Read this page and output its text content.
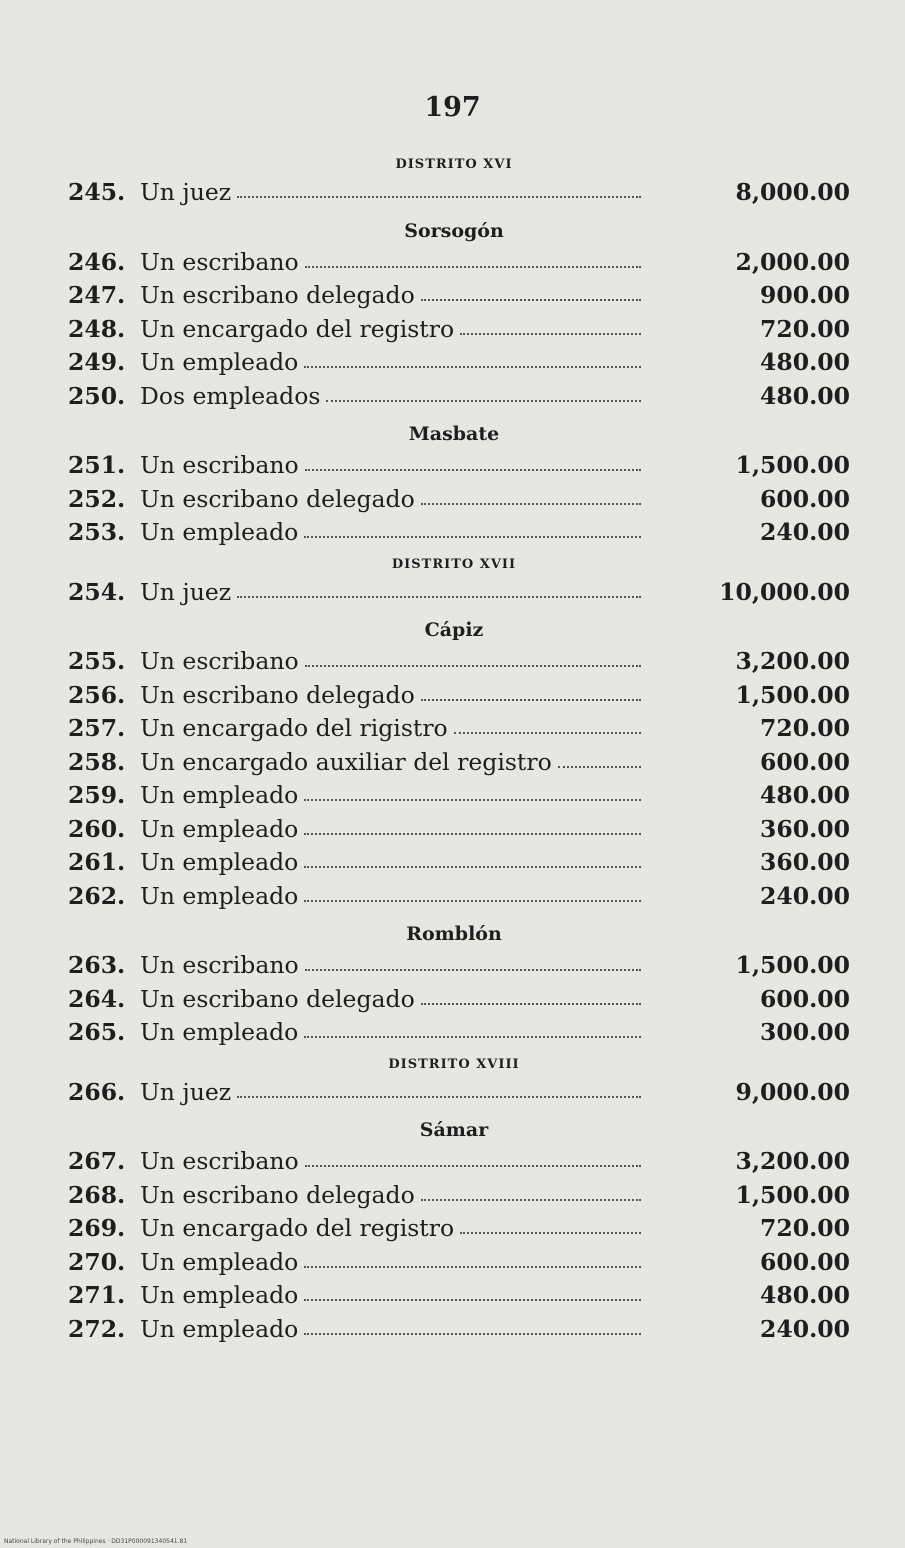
197
DISTRITO XVI
245. Un juez	8,000.00
Sorsogón
246. Un escribano	2,000.00
247. Un escribano delegado	900.00
248. Un encargado del registro	720.00
249. Un empleado	480.00
250. Dos empleados	480.00
Masbate
251. Un escribano	1,500.00
252. Un escribano delegado	600.00
253. Un empleado	240.00
DISTRITO XVII
254. Un juez	10,000.00
Cápiz
255. Un escribano	3,200.00
256. Un escribano delegado	1,500.00
257. Un encargado del rigistro	720.00
258. Un encargado auxiliar del registro	600.00
259. Un empleado	480.00
260. Un empleado	360.00
261. Un empleado	360.00
262. Un empleado	240.00
Romblón
263. Un escribano	1,500.00
264. Un escribano delegado	600.00
265. Un empleado	300.00
DISTRITO XVIII
266. Un juez	9,000.00
Sámar
267. Un escribano	3,200.00
268. Un escribano delegado	1,500.00
269. Un encargado del registro	720.00
270. Un empleado	600.00
271. Un empleado	480.00
272. Un empleado	240.00
National Library of the Philippines · DD31P000091340541.81
